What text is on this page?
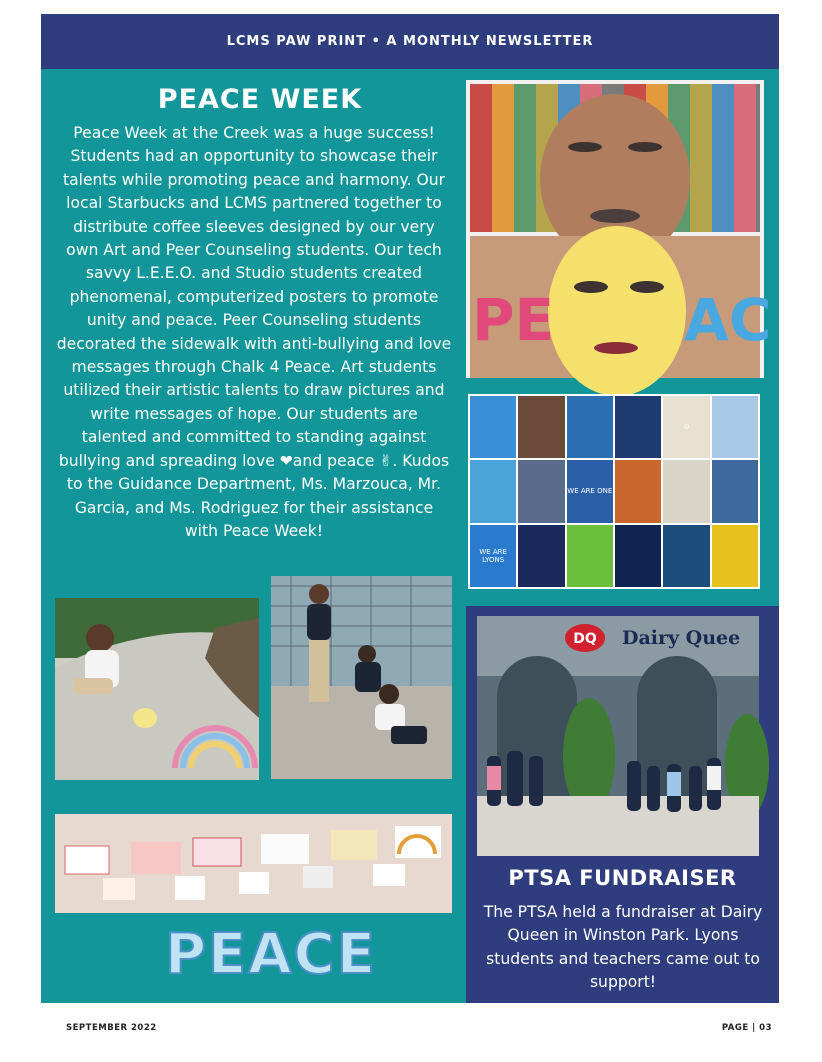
LCMS PAW PRINT • A MONTHLY NEWSLETTER
PEACE WEEK
Peace Week at the Creek was a huge success! Students had an opportunity to showcase their talents while promoting peace and harmony. Our local Starbucks and LCMS partnered together to distribute coffee sleeves designed by our very own Art and Peer Counseling students. Our tech savvy L.E.E.O. and Studio students created phenomenal, computerized posters to promote unity and peace. Peer Counseling students decorated the sidewalk with anti-bullying and love messages through Chalk 4 Peace. Art students utilized their artistic talents to draw pictures and write messages of hope. Our students are talented and committed to standing against bullying and spreading love ❤and peace ✌. Kudos to the Guidance Department, Ms. Marzouca, Mr. Garcia, and Ms. Rodriguez for their assistance with Peace Week!
PE AC
☮
WE ARE ONE
WE ARE LYONS
PEACE
DQ Dairy Quee
PTSA FUNDRAISER
The PTSA held a fundraiser at Dairy Queen in Winston Park. Lyons students and teachers came out to support!
SEPTEMBER 2022	PAGE | 03
